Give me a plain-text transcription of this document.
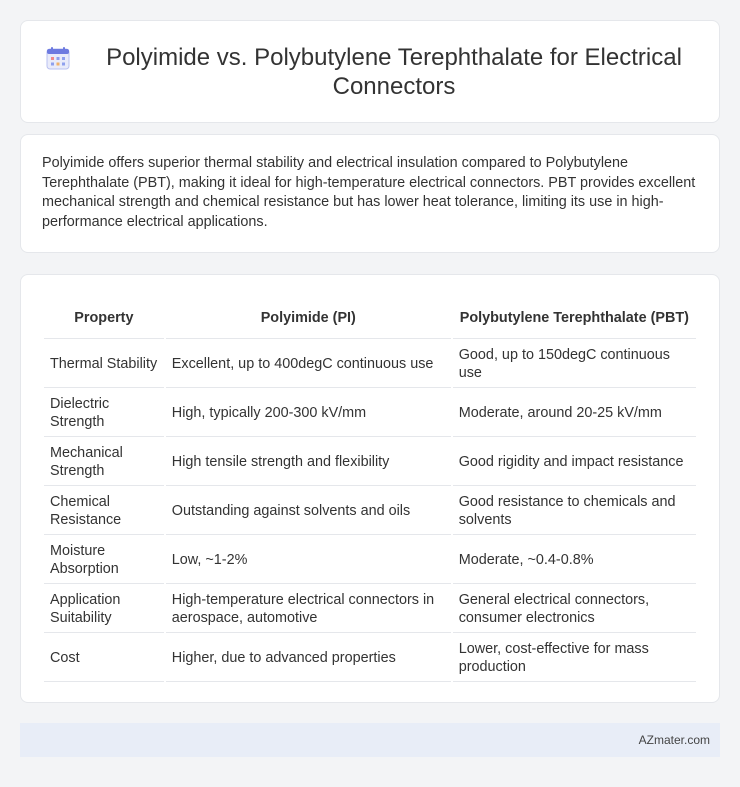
Polyimide vs. Polybutylene Terephthalate for Electrical Connectors

Polyimide offers superior thermal stability and electrical insulation compared to Polybutylene Terephthalate (PBT), making it ideal for high-temperature electrical connectors. PBT provides excellent mechanical strength and chemical resistance but has lower heat tolerance, limiting its use in high-performance electrical applications.

Property	Polyimide (PI)	Polybutylene Terephthalate (PBT)
Thermal Stability	Excellent, up to 400degC continuous use	Good, up to 150degC continuous use
Dielectric Strength	High, typically 200-300 kV/mm	Moderate, around 20-25 kV/mm
Mechanical Strength	High tensile strength and flexibility	Good rigidity and impact resistance
Chemical Resistance	Outstanding against solvents and oils	Good resistance to chemicals and solvents
Moisture Absorption	Low, ~1-2%	Moderate, ~0.4-0.8%
Application Suitability	High-temperature electrical connectors in aerospace, automotive	General electrical connectors, consumer electronics
Cost	Higher, due to advanced properties	Lower, cost-effective for mass production
AZmater.com
